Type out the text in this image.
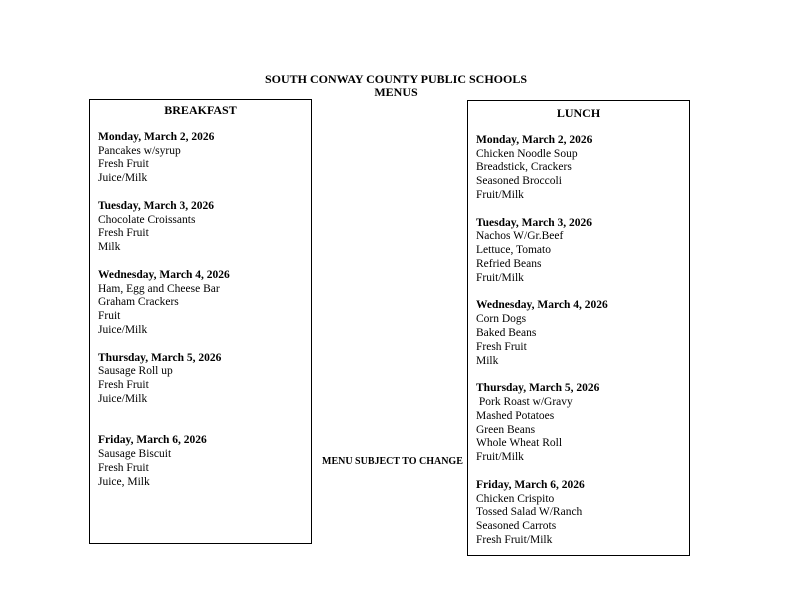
SOUTH CONWAY COUNTY PUBLIC SCHOOLS
MENUS
BREAKFAST
Monday, March 2, 2026
Pancakes w/syrup
Fresh Fruit
Juice/Milk
Tuesday, March 3, 2026
Chocolate Croissants
Fresh Fruit
Milk
Wednesday, March 4, 2026
Ham, Egg and Cheese Bar
Graham Crackers
Fruit
Juice/Milk
Thursday, March 5, 2026
Sausage Roll up
Fresh Fruit
Juice/Milk
Friday, March 6, 2026
Sausage Biscuit
Fresh Fruit
Juice, Milk
MENU SUBJECT TO CHANGE
LUNCH
Monday, March 2, 2026
Chicken Noodle Soup
Breadstick, Crackers
Seasoned Broccoli
Fruit/Milk
Tuesday, March 3, 2026
Nachos W/Gr.Beef
Lettuce, Tomato
Refried Beans
Fruit/Milk
Wednesday, March 4, 2026
Corn Dogs
Baked Beans
Fresh Fruit
Milk
Thursday, March 5, 2026
Pork Roast w/Gravy
Mashed Potatoes
Green Beans
Whole Wheat Roll
Fruit/Milk
Friday, March 6, 2026
Chicken Crispito
Tossed Salad W/Ranch
Seasoned Carrots
Fresh Fruit/Milk
